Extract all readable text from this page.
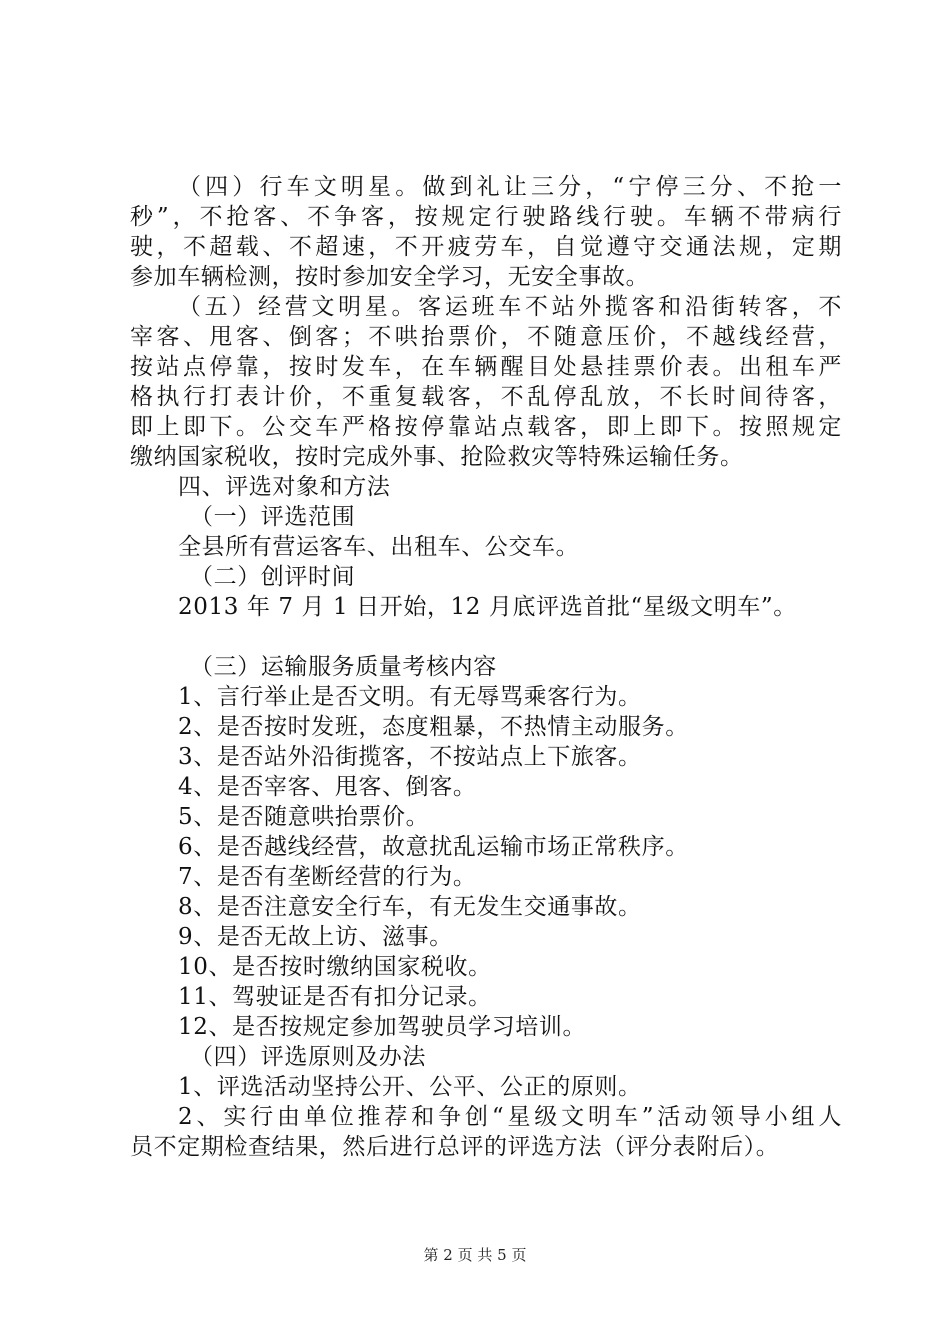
（四）行车文明星。做到礼让三分，“宁停三分、不抢一
秒”，不抢客、不争客，按规定行驶路线行驶。车辆不带病行
驶，不超载、不超速，不开疲劳车，自觉遵守交通法规，定期
参加车辆检测，按时参加安全学习，无安全事故。
（五）经营文明星。客运班车不站外揽客和沿街转客，不
宰客、甩客、倒客；不哄抬票价，不随意压价，不越线经营，
按站点停靠，按时发车，在车辆醒目处悬挂票价表。出租车严
格执行打表计价，不重复载客，不乱停乱放，不长时间待客，
即上即下。公交车严格按停靠站点载客，即上即下。按照规定
缴纳国家税收，按时完成外事、抢险救灾等特殊运输任务。
四、评选对象和方法
（一）评选范围
全县所有营运客车、出租车、公交车。
（二）创评时间
2013 年 7 月 1 日开始，12 月底评选首批“星级文明车”。
（三）运输服务质量考核内容
1、言行举止是否文明。有无辱骂乘客行为。
2、是否按时发班，态度粗暴，不热情主动服务。
3、是否站外沿街揽客，不按站点上下旅客。
4、是否宰客、甩客、倒客。
5、是否随意哄抬票价。
6、是否越线经营，故意扰乱运输市场正常秩序。
7、是否有垄断经营的行为。
8、是否注意安全行车，有无发生交通事故。
9、是否无故上访、滋事。
10、是否按时缴纳国家税收。
11、驾驶证是否有扣分记录。
12、是否按规定参加驾驶员学习培训。
（四）评选原则及办法
1、评选活动坚持公开、公平、公正的原则。
2、实行由单位推荐和争创“星级文明车”活动领导小组人
员不定期检查结果，然后进行总评的评选方法（评分表附后）。
第 2 页 共 5 页
